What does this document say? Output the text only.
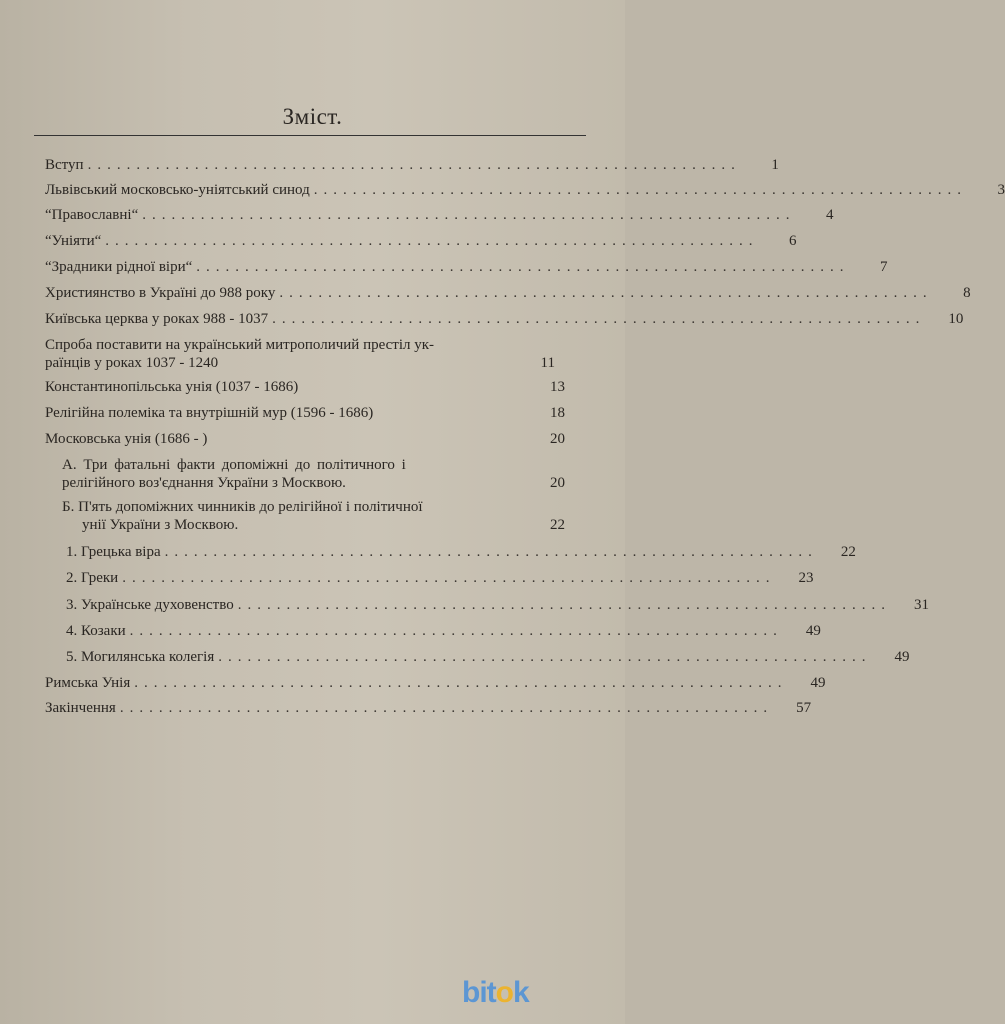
Зміст.
Вступ ...................................................................	1
Львівський московсько-уніятський синод ...................................................................	3
“Православні“ ...................................................................	4
“Уніяти“ ...................................................................	6
“Зрадники рідної віри“ ...................................................................	7
Християнство в Україні до 988 року ...................................................................	8
Київська церква у роках 988 - 1037 ...................................................................	10
Спроба поставити на український митрополичий престіл ук-
раїнців у роках 1037 - 1240	11
Константинопільська унія (1037 - 1686)	13
Релігійна полеміка та внутрішній мур (1596 - 1686)	18
Московська унія (1686 - )	20
А. Три фатальні факти допоміжні до політичного і
релігійного воз'єднання України з Москвою.	20
Б. П'ять допоміжних чинників до релігійної і політичної
унії України з Москвою.	22
1. Грецька віра ...................................................................	22
2. Греки ...................................................................	23
3. Українське духовенство ...................................................................	31
4. Козаки ...................................................................	49
5. Могилянська колегія ...................................................................	49
Римська Унія ...................................................................	49
Закінчення ...................................................................	57
bitok
